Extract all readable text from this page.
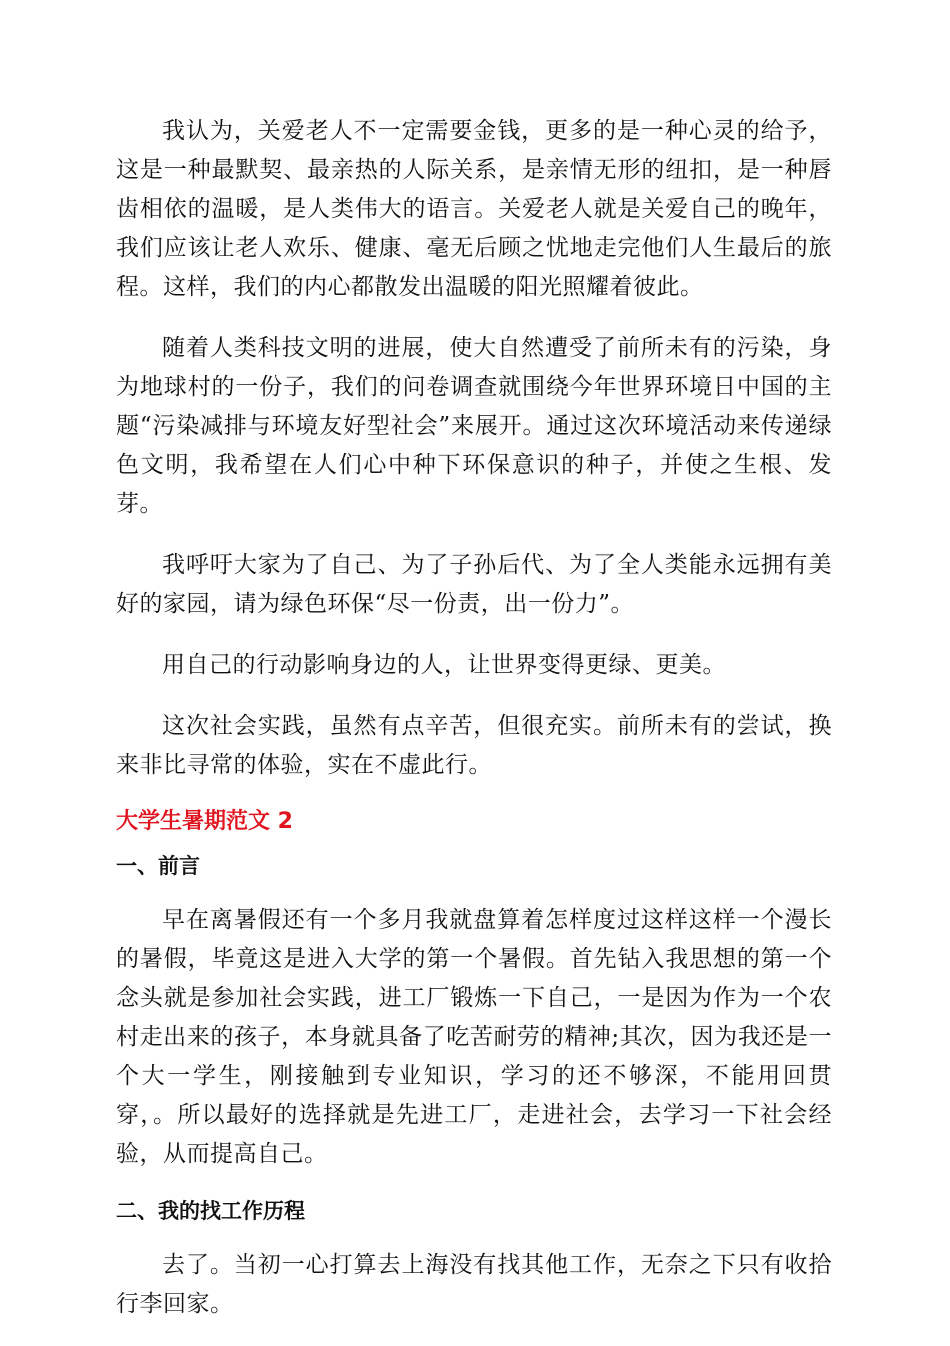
我认为，关爱老人不一定需要金钱，更多的是一种心灵的给予，这是一种最默契、最亲热的人际关系，是亲情无形的纽扣，是一种唇齿相依的温暖，是人类伟大的语言。关爱老人就是关爱自己的晚年，我们应该让老人欢乐、健康、毫无后顾之忧地走完他们人生最后的旅程。这样，我们的内心都散发出温暖的阳光照耀着彼此。

随着人类科技文明的进展，使大自然遭受了前所未有的污染，身为地球村的一份子，我们的问卷调查就围绕今年世界环境日中国的主题“污染减排与环境友好型社会”来展开。通过这次环境活动来传递绿色文明，我希望在人们心中种下环保意识的种子，并使之生根、发芽。

我呼吁大家为了自己、为了子孙后代、为了全人类能永远拥有美好的家园，请为绿色环保“尽一份责，出一份力”。

用自己的行动影响身边的人，让世界变得更绿、更美。

这次社会实践，虽然有点辛苦，但很充实。前所未有的尝试，换来非比寻常的体验，实在不虚此行。

大学生暑期范文 2
一、前言

早在离暑假还有一个多月我就盘算着怎样度过这样这样一个漫长的暑假，毕竟这是进入大学的第一个暑假。首先钻入我思想的第一个念头就是参加社会实践，进工厂锻炼一下自己，一是因为作为一个农村走出来的孩子，本身就具备了吃苦耐劳的精神;其次，因为我还是一个大一学生，刚接触到专业知识，学习的还不够深，不能用回贯穿，。所以最好的选择就是先进工厂，走进社会，去学习一下社会经验，从而提高自己。

二、我的找工作历程

去了。当初一心打算去上海没有找其他工作，无奈之下只有收拾行李回家。
